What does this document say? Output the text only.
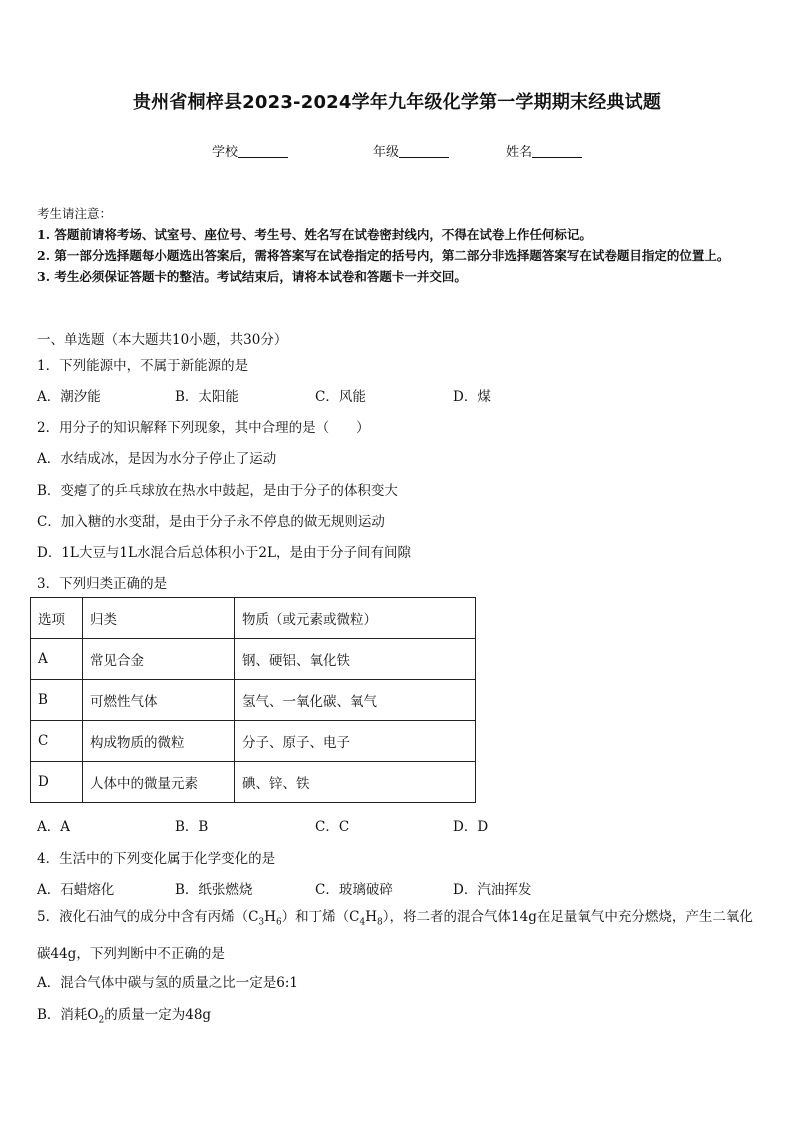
贵州省桐梓县2023-2024学年九年级化学第一学期期末经典试题
学校	年级	姓名
考生请注意：
1. 答题前请将考场、试室号、座位号、考生号、姓名写在试卷密封线内，不得在试卷上作任何标记。
2. 第一部分选择题每小题选出答案后，需将答案写在试卷指定的括号内，第二部分非选择题答案写在试卷题目指定的位置上。
3. 考生必须保证答题卡的整洁。考试结束后，请将本试卷和答题卡一并交回。
一、单选题（本大题共10小题，共30分）
1．下列能源中，不属于新能源的是
A．潮汐能	B．太阳能	C．风能	D．煤
2．用分子的知识解释下列现象，其中合理的是（　　）
A．水结成冰，是因为水分子停止了运动
B．变瘪了的乒乓球放在热水中鼓起，是由于分子的体积变大
C．加入糖的水变甜，是由于分子永不停息的做无规则运动
D．1L大豆与1L水混合后总体积小于2L，是由于分子间有间隙
3．下列归类正确的是
选项	归类	物质（或元素或微粒）
A	常见合金	钢、硬铝、氧化铁
B	可燃性气体	氢气、一氧化碳、氧气
C	构成物质的微粒	分子、原子、电子
D	人体中的微量元素	碘、锌、铁
A．A	B．B	C．C	D．D
4．生活中的下列变化属于化学变化的是
A．石蜡熔化	B．纸张燃烧	C．玻璃破碎	D．汽油挥发
5．液化石油气的成分中含有丙烯$(C_3H_6)$和丁烯$(C_4H_8)$，将二者的混合气体14g在足量氧气中充分燃烧，产生二氧化碳44g，下列判断中不正确的是
A．混合气体中碳与氢的质量之比一定是6:1
B．消耗$O_2$的质量一定为48g
